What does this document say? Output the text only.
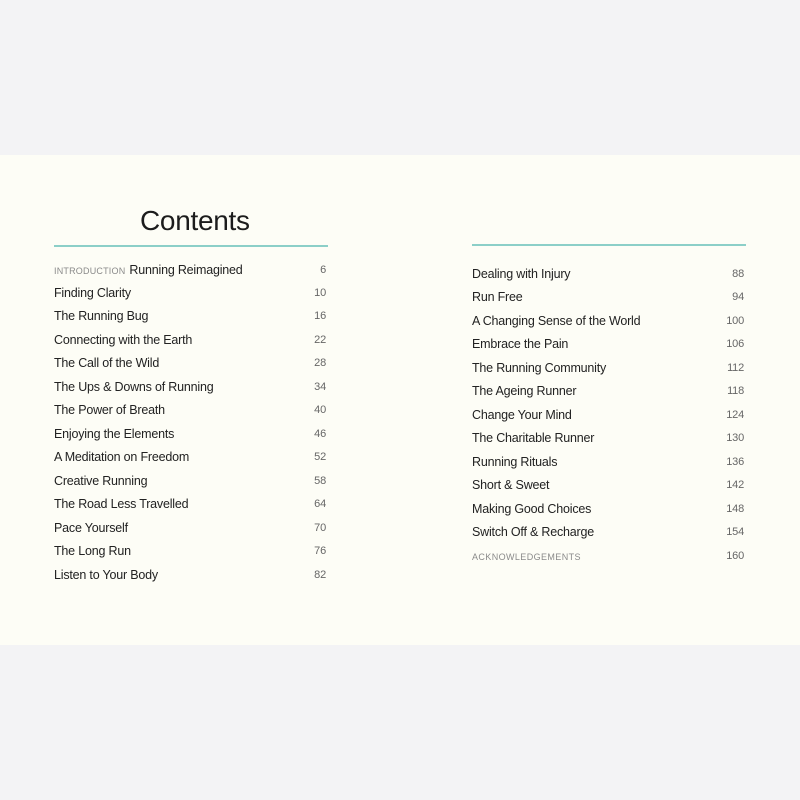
Contents
INTRODUCTION Running Reimagined	6
Finding Clarity	10
The Running Bug	16
Connecting with the Earth	22
The Call of the Wild	28
The Ups & Downs of Running	34
The Power of Breath	40
Enjoying the Elements	46
A Meditation on Freedom	52
Creative Running	58
The Road Less Travelled	64
Pace Yourself	70
The Long Run	76
Listen to Your Body	82
Dealing with Injury	88
Run Free	94
A Changing Sense of the World	100
Embrace the Pain	106
The Running Community	112
The Ageing Runner	118
Change Your Mind	124
The Charitable Runner	130
Running Rituals	136
Short & Sweet	142
Making Good Choices	148
Switch Off & Recharge	154
ACKNOWLEDGEMENTS	160
